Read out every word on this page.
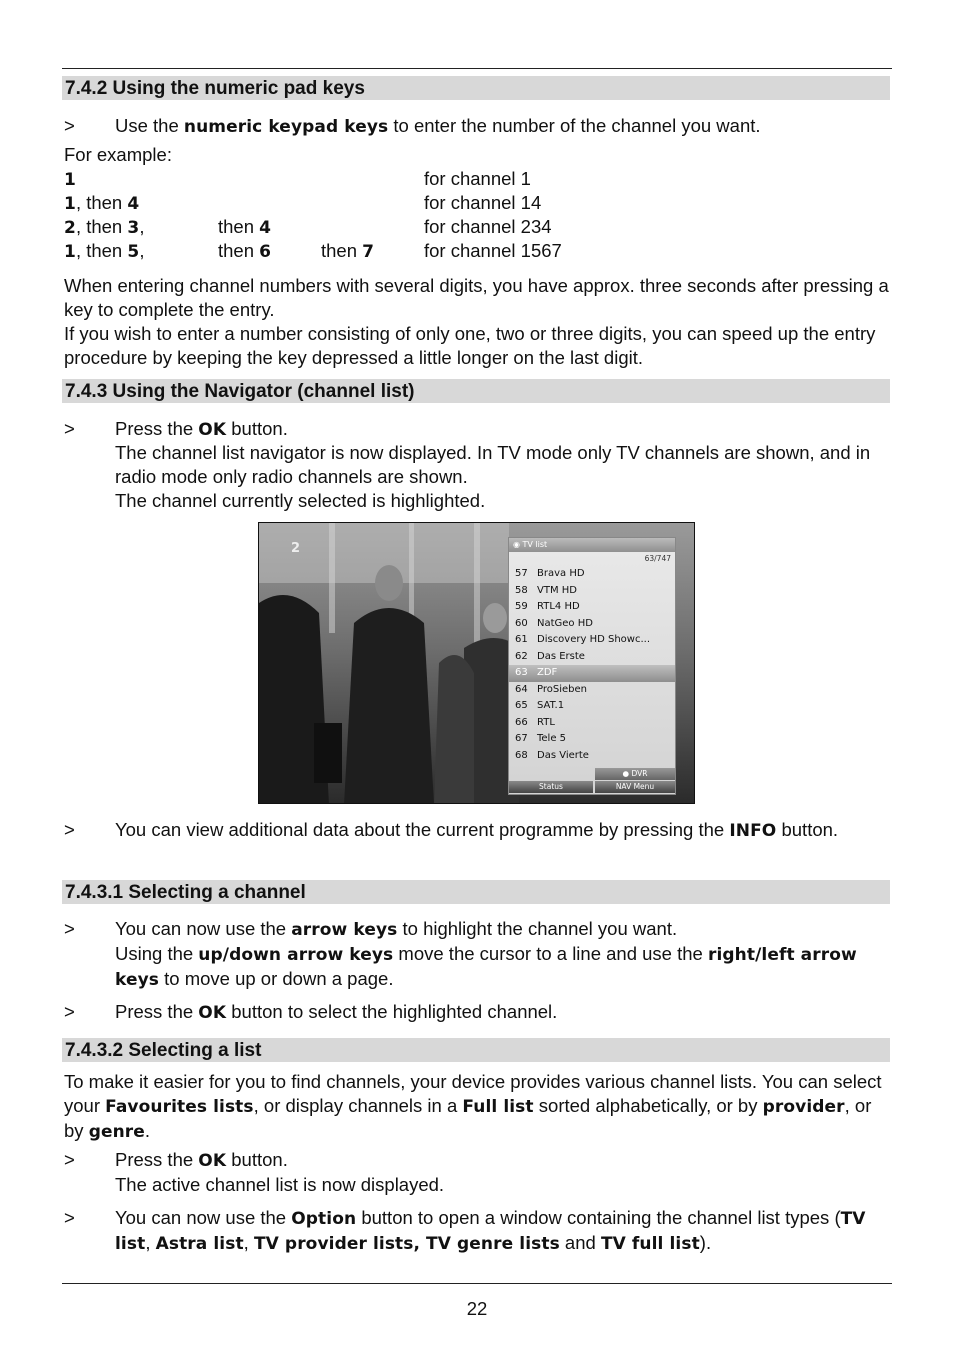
7.4.2 Using the numeric pad keys
> Use the numeric keypad keys to enter the number of the channel you want.
For example:
1	for channel 1
1, then 4	for channel 14
2, then 3,	then 4	for channel 234
1, then 5,	then 6	then 7	for channel 1567
When entering channel numbers with several digits, you have approx. three seconds after pressing a key to complete the entry.
If you wish to enter a number consisting of only one, two or three digits, you can speed up the entry procedure by keeping the key depressed a little longer on the last digit.
7.4.3 Using the Navigator (channel list)
> Press the OK button.
The channel list navigator is now displayed. In TV mode only TV channels are shown, and in radio mode only radio channels are shown.
The channel currently selected is highlighted.
2	◉ TV list
63/747
57 Brava HD
58 VTM HD
59 RTL4 HD
60 NatGeo HD
61 Discovery HD Showc...
62 Das Erste
63 ZDF
64 ProSieben
65 SAT.1
66 RTL
67 Tele 5
68 Das Vierte
● DVR
Status	NAV Menu
> You can view additional data about the current programme by pressing the INFO button.
7.4.3.1 Selecting a channel
> You can now use the arrow keys to highlight the channel you want.
Using the up/down arrow keys move the cursor to a line and use the right/left arrow keys to move up or down a page.
> Press the OK button to select the highlighted channel.
7.4.3.2 Selecting a list
To make it easier for you to find channels, your device provides various channel lists. You can select your Favourites lists, or display channels in a Full list sorted alphabetically, or by provider, or by genre.
> Press the OK button.
The active channel list is now displayed.
> You can now use the Option button to open a window containing the channel list types (TV list, Astra list, TV provider lists, TV genre lists and TV full list).
22
